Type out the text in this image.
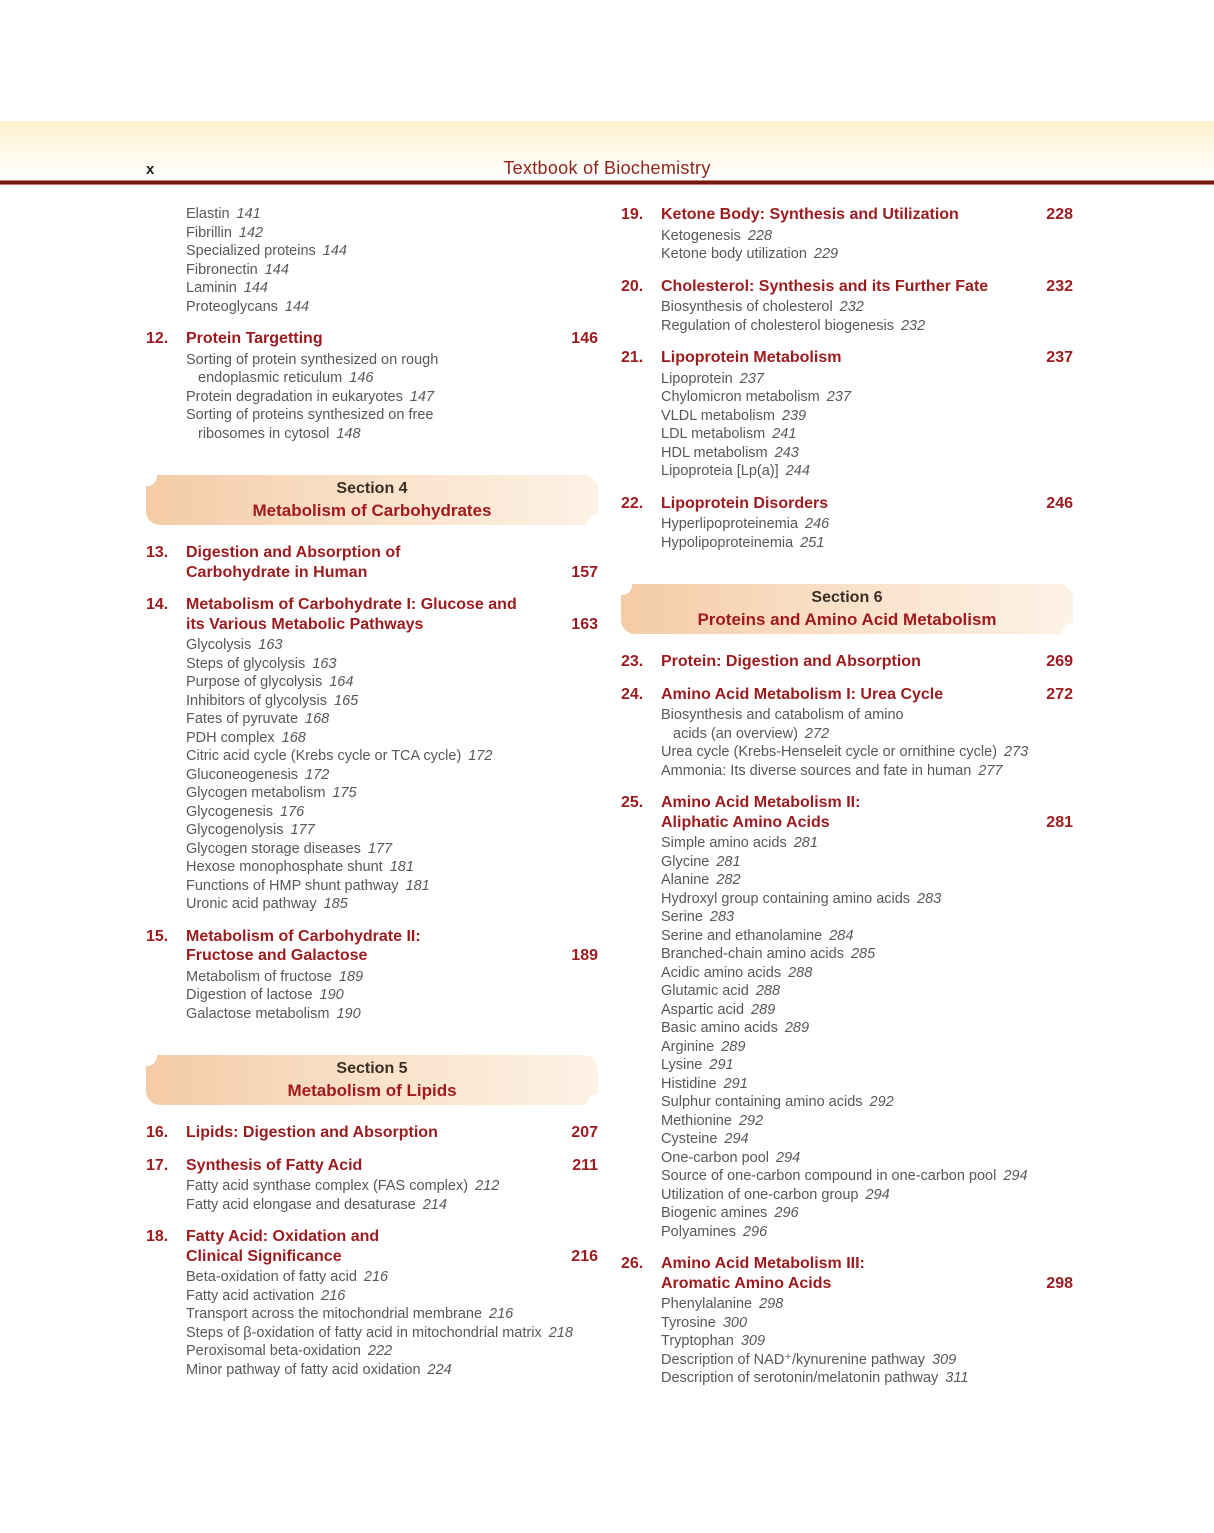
x	Textbook of Biochemistry
Elastin 141
Fibrillin 142
Specialized proteins 144
Fibronectin 144
Laminin 144
Proteoglycans 144
12.	Protein Targetting	146
Sorting of protein synthesized on rough
endoplasmic reticulum 146
Protein degradation in eukaryotes 147
Sorting of proteins synthesized on free
ribosomes in cytosol 148
Section 4
Metabolism of Carbohydrates
13.	Digestion and Absorption of
Carbohydrate in Human	157
14.	Metabolism of Carbohydrate I: Glucose and
its Various Metabolic Pathways	163
Glycolysis 163
Steps of glycolysis 163
Purpose of glycolysis 164
Inhibitors of glycolysis 165
Fates of pyruvate 168
PDH complex 168
Citric acid cycle (Krebs cycle or TCA cycle) 172
Gluconeogenesis 172
Glycogen metabolism 175
Glycogenesis 176
Glycogenolysis 177
Glycogen storage diseases 177
Hexose monophosphate shunt 181
Functions of HMP shunt pathway 181
Uronic acid pathway 185
15.	Metabolism of Carbohydrate II:
Fructose and Galactose	189
Metabolism of fructose 189
Digestion of lactose 190
Galactose metabolism 190
Section 5
Metabolism of Lipids
16.	Lipids: Digestion and Absorption	207
17.	Synthesis of Fatty Acid	211
Fatty acid synthase complex (FAS complex) 212
Fatty acid elongase and desaturase 214
18.	Fatty Acid: Oxidation and
Clinical Significance	216
Beta-oxidation of fatty acid 216
Fatty acid activation 216
Transport across the mitochondrial membrane 216
Steps of β-oxidation of fatty acid in mitochondrial matrix 218
Peroxisomal beta-oxidation 222
Minor pathway of fatty acid oxidation 224
19.	Ketone Body: Synthesis and Utilization	228
Ketogenesis 228
Ketone body utilization 229
20.	Cholesterol: Synthesis and its Further Fate	232
Biosynthesis of cholesterol 232
Regulation of cholesterol biogenesis 232
21.	Lipoprotein Metabolism	237
Lipoprotein 237
Chylomicron metabolism 237
VLDL metabolism 239
LDL metabolism 241
HDL metabolism 243
Lipoproteia [Lp(a)] 244
22.	Lipoprotein Disorders	246
Hyperlipoproteinemia 246
Hypolipoproteinemia 251
Section 6
Proteins and Amino Acid Metabolism
23.	Protein: Digestion and Absorption	269
24.	Amino Acid Metabolism I: Urea Cycle	272
Biosynthesis and catabolism of amino
acids (an overview) 272
Urea cycle (Krebs-Henseleit cycle or ornithine cycle) 273
Ammonia: Its diverse sources and fate in human 277
25.	Amino Acid Metabolism II:
Aliphatic Amino Acids	281
Simple amino acids 281
Glycine 281
Alanine 282
Hydroxyl group containing amino acids 283
Serine 283
Serine and ethanolamine 284
Branched-chain amino acids 285
Acidic amino acids 288
Glutamic acid 288
Aspartic acid 289
Basic amino acids 289
Arginine 289
Lysine 291
Histidine 291
Sulphur containing amino acids 292
Methionine 292
Cysteine 294
One-carbon pool 294
Source of one-carbon compound in one-carbon pool 294
Utilization of one-carbon group 294
Biogenic amines 296
Polyamines 296
26.	Amino Acid Metabolism III:
Aromatic Amino Acids	298
Phenylalanine 298
Tyrosine 300
Tryptophan 309
Description of NAD⁺/kynurenine pathway 309
Description of serotonin/melatonin pathway 311
